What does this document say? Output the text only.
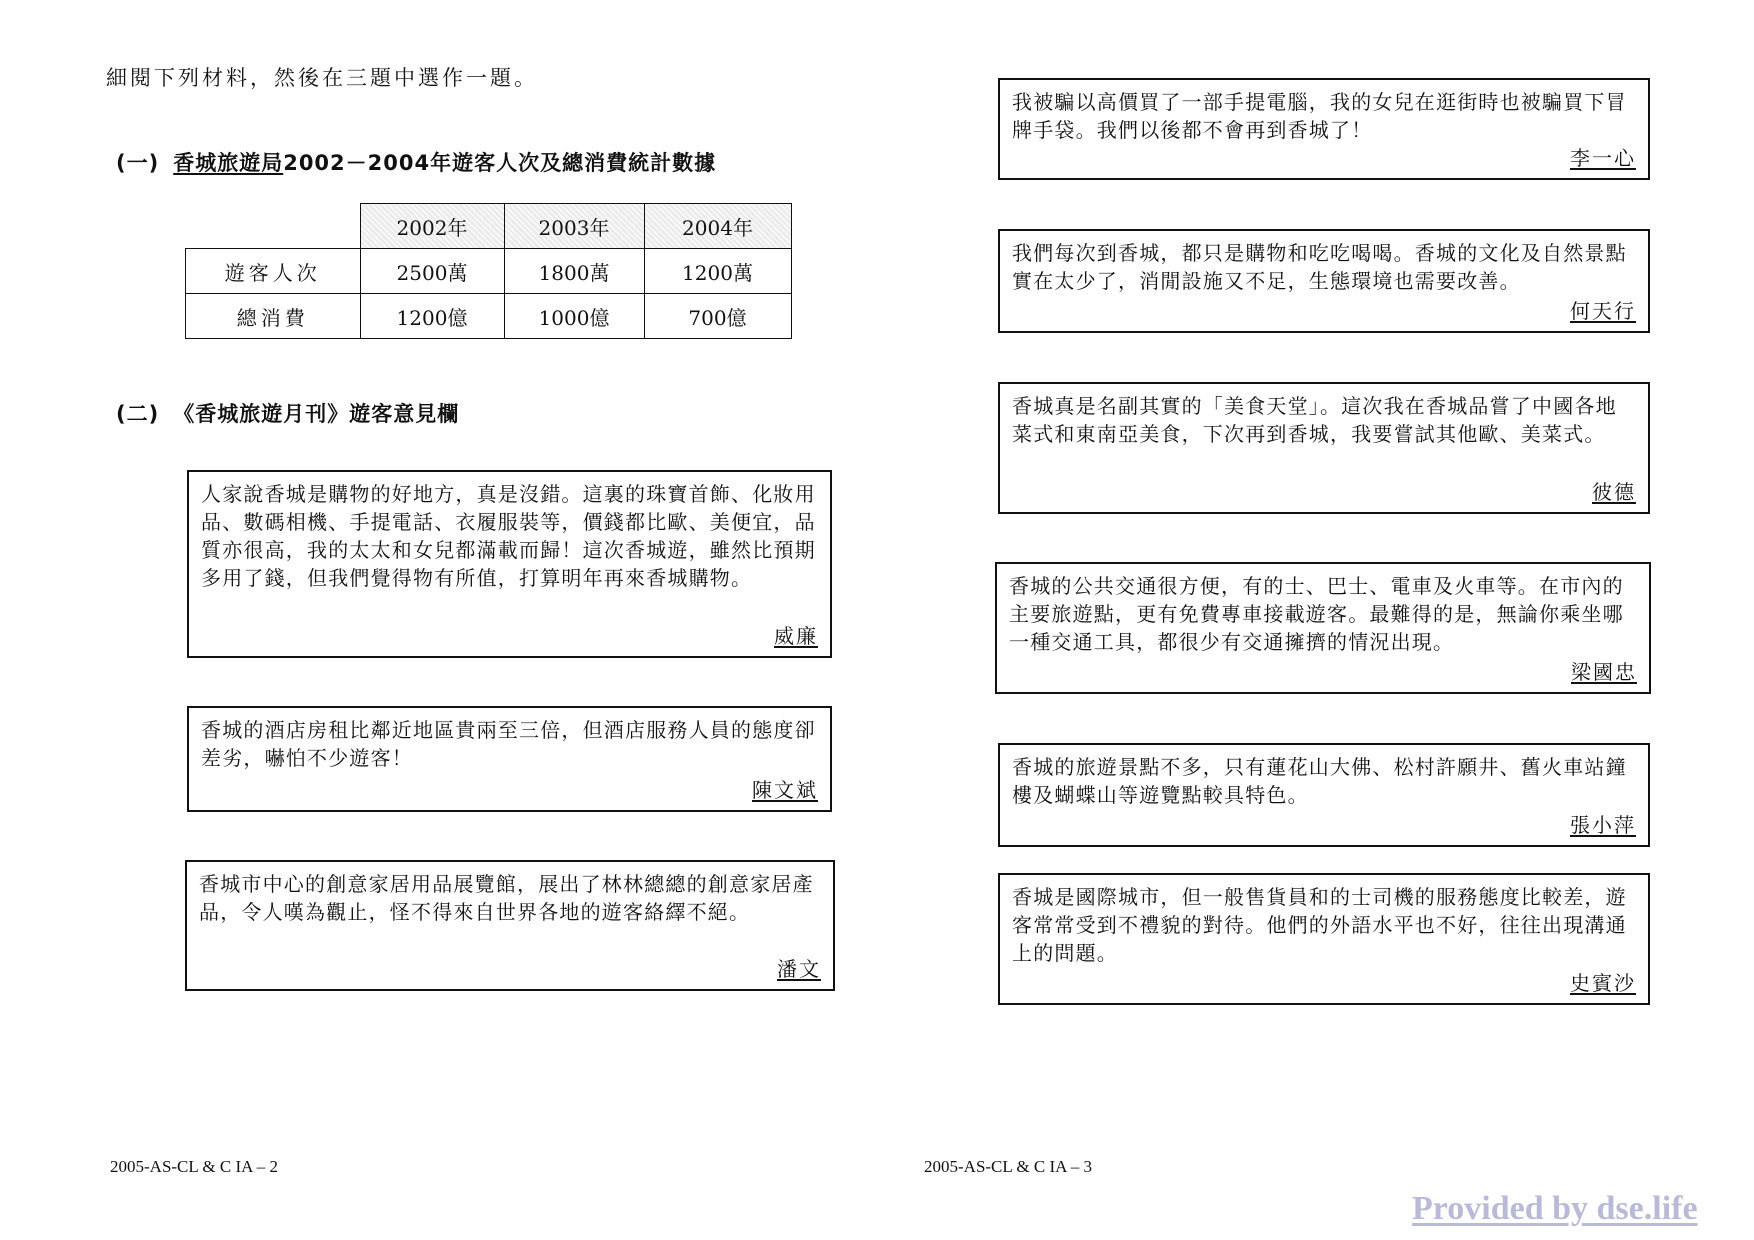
細閱下列材料，然後在三題中選作一題。
(一) 香城旅遊局2002－2004年遊客人次及總消費統計數據
	2002年	2003年	2004年
遊客人次	2500萬	1800萬	1200萬
總消費	1200億	1000億	700億
(二) 《香城旅遊月刊》遊客意見欄

人家說香城是購物的好地方，真是沒錯。這裏的珠寶首飾、化妝用品、數碼相機、手提電話、衣履服裝等，價錢都比歐、美便宜，品質亦很高，我的太太和女兒都滿載而歸！這次香城遊，雖然比預期多用了錢，但我們覺得物有所值，打算明年再來香城購物。

威廉

香城的酒店房租比鄰近地區貴兩至三倍，但酒店服務人員的態度卻差劣，嚇怕不少遊客！

陳文斌

香城市中心的創意家居用品展覽館，展出了林林總總的創意家居產品，令人嘆為觀止，怪不得來自世界各地的遊客絡繹不絕。

潘文

我被騙以高價買了一部手提電腦，我的女兒在逛街時也被騙買下冒牌手袋。我們以後都不會再到香城了！

李一心

我們每次到香城，都只是購物和吃吃喝喝。香城的文化及自然景點實在太少了，消閒設施又不足，生態環境也需要改善。

何天行

香城真是名副其實的「美食天堂」。這次我在香城品嘗了中國各地菜式和東南亞美食，下次再到香城，我要嘗試其他歐、美菜式。

彼德

香城的公共交通很方便，有的士、巴士、電車及火車等。在市內的主要旅遊點，更有免費專車接載遊客。最難得的是，無論你乘坐哪一種交通工具，都很少有交通擁擠的情況出現。

梁國忠

香城的旅遊景點不多，只有蓮花山大佛、松村許願井、舊火車站鐘樓及蝴蝶山等遊覽點較具特色。

張小萍

香城是國際城市，但一般售貨員和的士司機的服務態度比較差，遊客常常受到不禮貌的對待。他們的外語水平也不好，往往出現溝通上的問題。

史賓沙
2005-AS-CL & C IA – 2	2005-AS-CL & C IA – 3
Provided by dse.life
